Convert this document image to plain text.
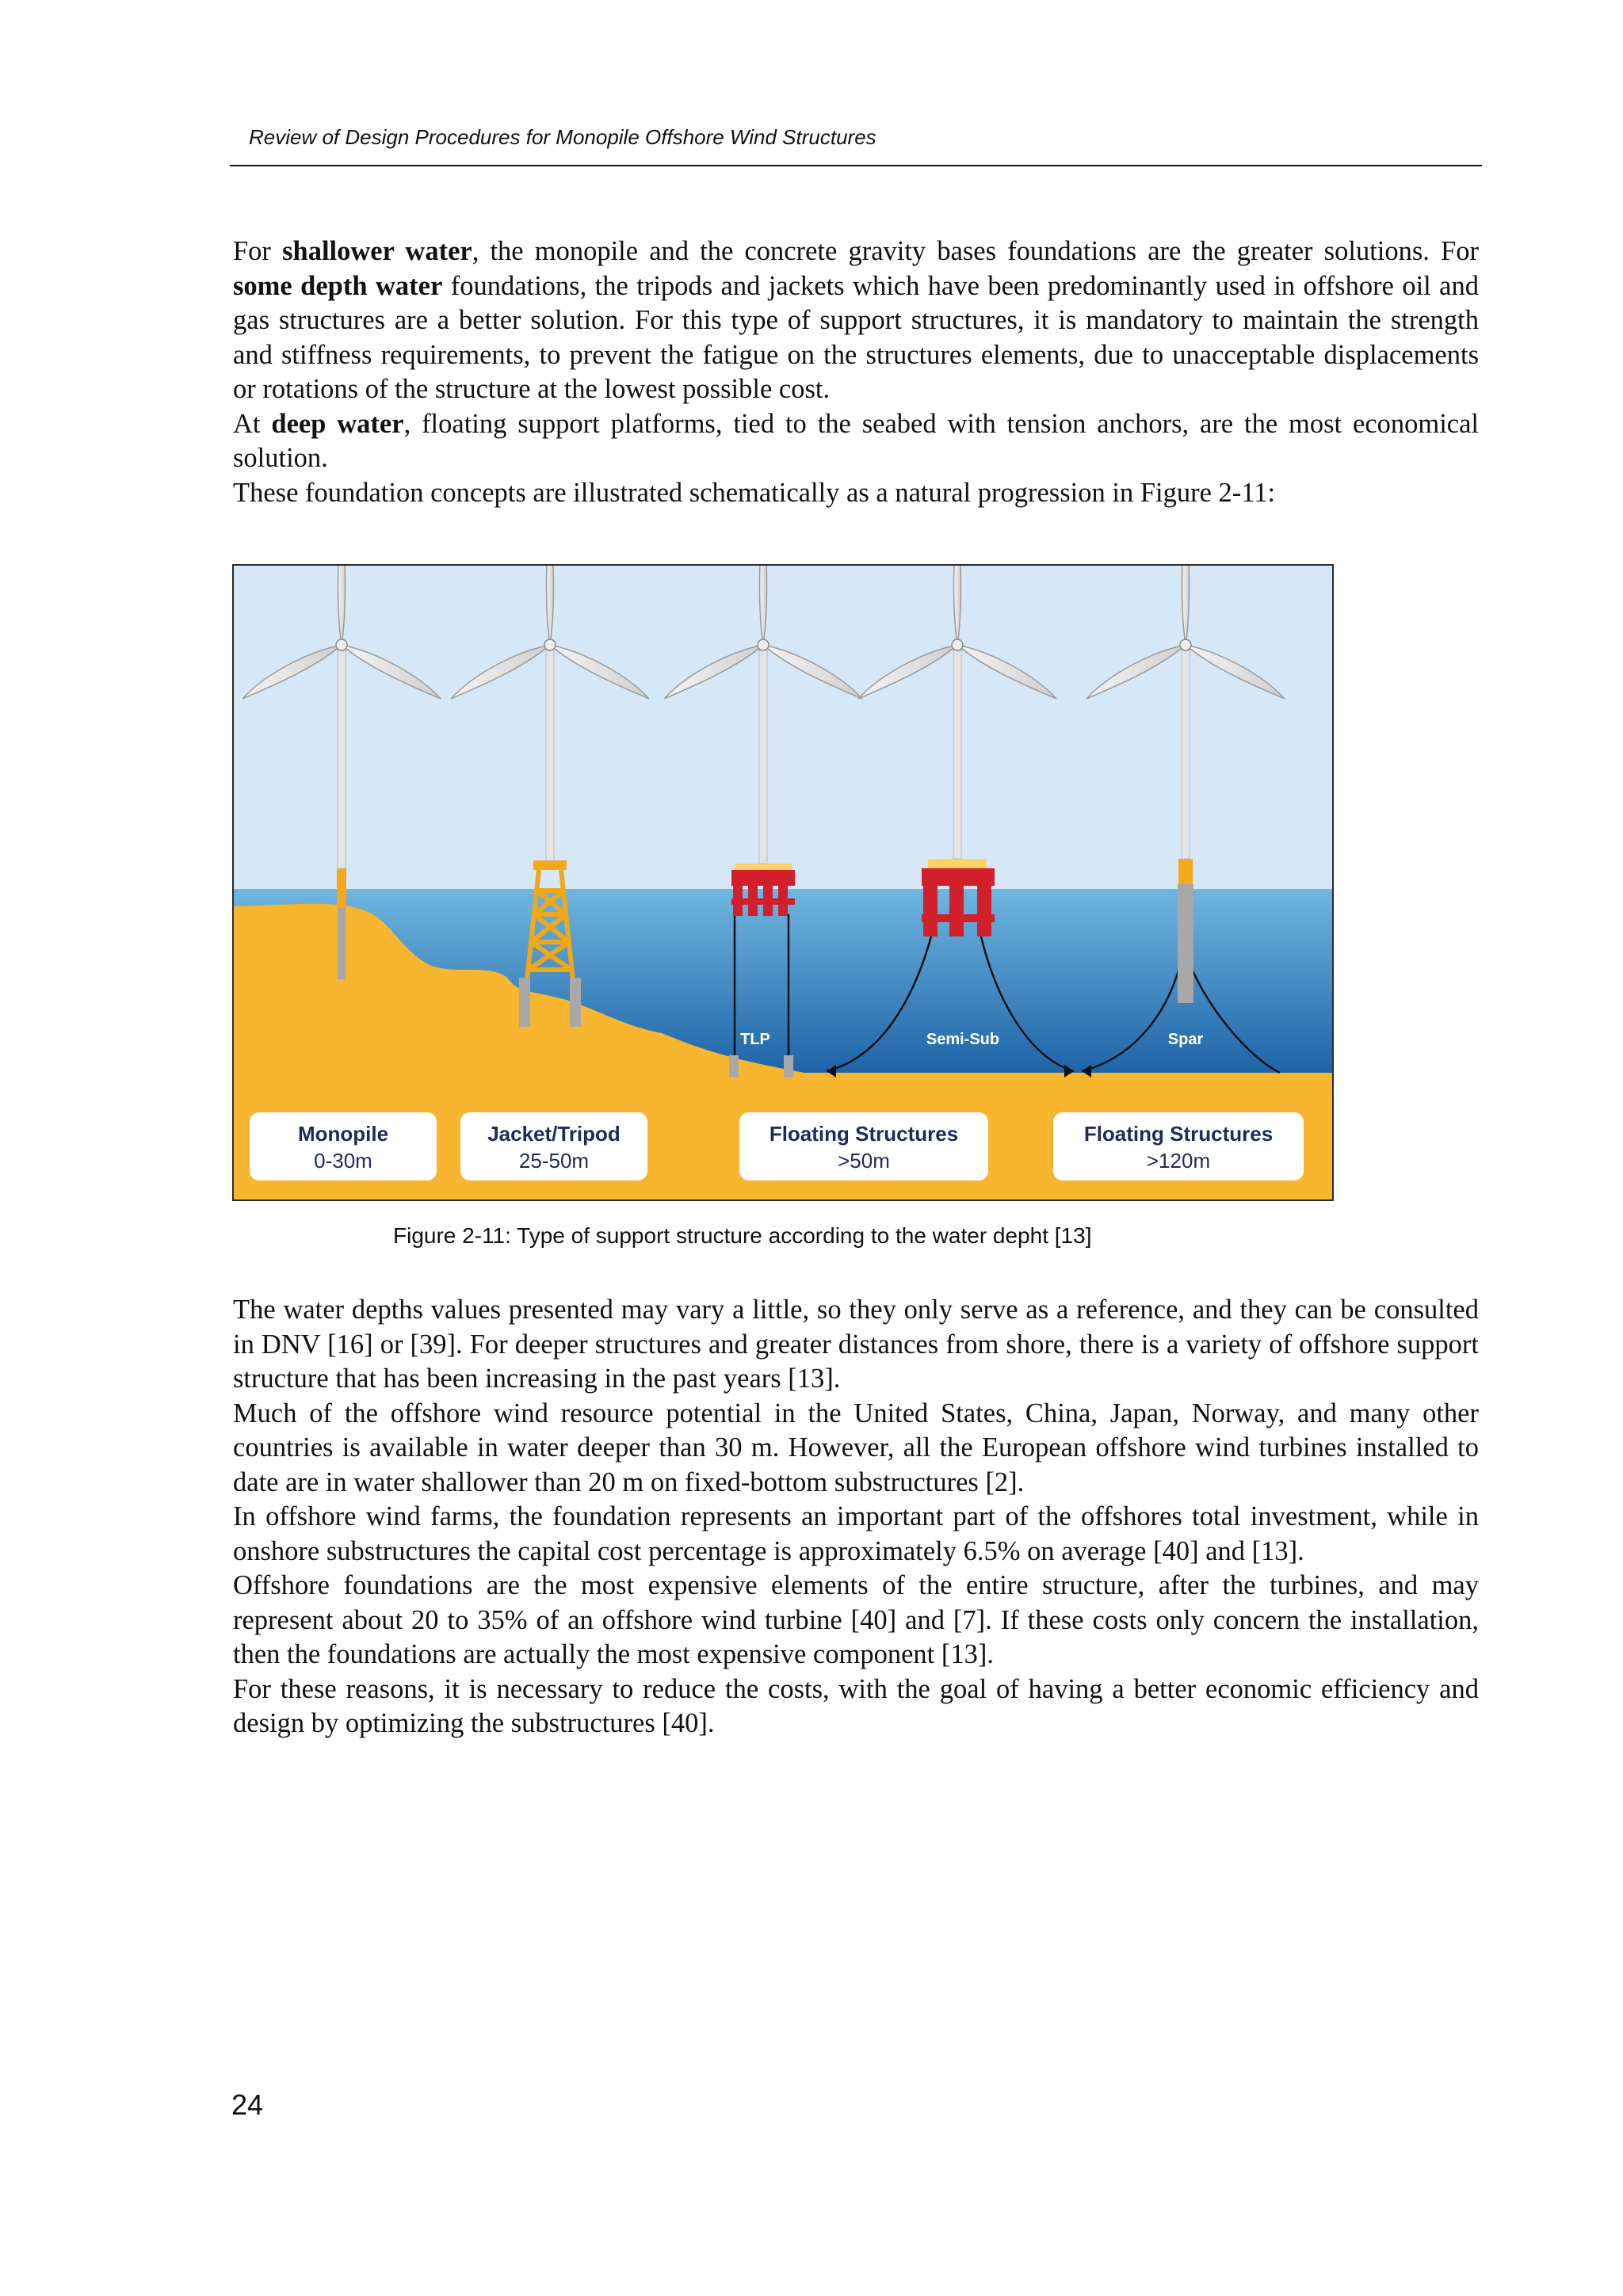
Review of Design Procedures for Monopile Offshore Wind Structures

For shallower water, the monopile and the concrete gravity bases foundations are the greater solutions. For some depth water foundations, the tripods and jackets which have been predominantly used in offshore oil and gas structures are a better solution. For this type of support structures, it is mandatory to maintain the strength and stiffness requirements, to prevent the fatigue on the structures elements, due to unacceptable displacements or rotations of the structure at the lowest possible cost.

At deep water, floating support platforms, tied to the seabed with tension anchors, are the most economical solution.

These foundation concepts are illustrated schematically as a natural progression in Figure 2-11:

TLP	Semi-Sub	Spar
Monopile
0-30m
Jacket/Tripod
25-50m
Floating Structures
>50m
Floating Structures
>120m
Figure 2-11: Type of support structure according to the water depht [13]

The water depths values presented may vary a little, so they only serve as a reference, and they can be consulted in DNV [16] or [39]. For deeper structures and greater distances from shore, there is a variety of offshore support structure that has been increasing in the past years [13].

Much of the offshore wind resource potential in the United States, China, Japan, Norway, and many other countries is available in water deeper than 30 m. However, all the European offshore wind turbines installed to date are in water shallower than 20 m on fixed-bottom substructures [2].

In offshore wind farms, the foundation represents an important part of the offshores total investment, while in onshore substructures the capital cost percentage is approximately 6.5% on average [40] and [13].

Offshore foundations are the most expensive elements of the entire structure, after the turbines, and may represent about 20 to 35% of an offshore wind turbine [40] and [7]. If these costs only concern the installation, then the foundations are actually the most expensive component [13].

For these reasons, it is necessary to reduce the costs, with the goal of having a better economic efficiency and design by optimizing the substructures [40].

24
